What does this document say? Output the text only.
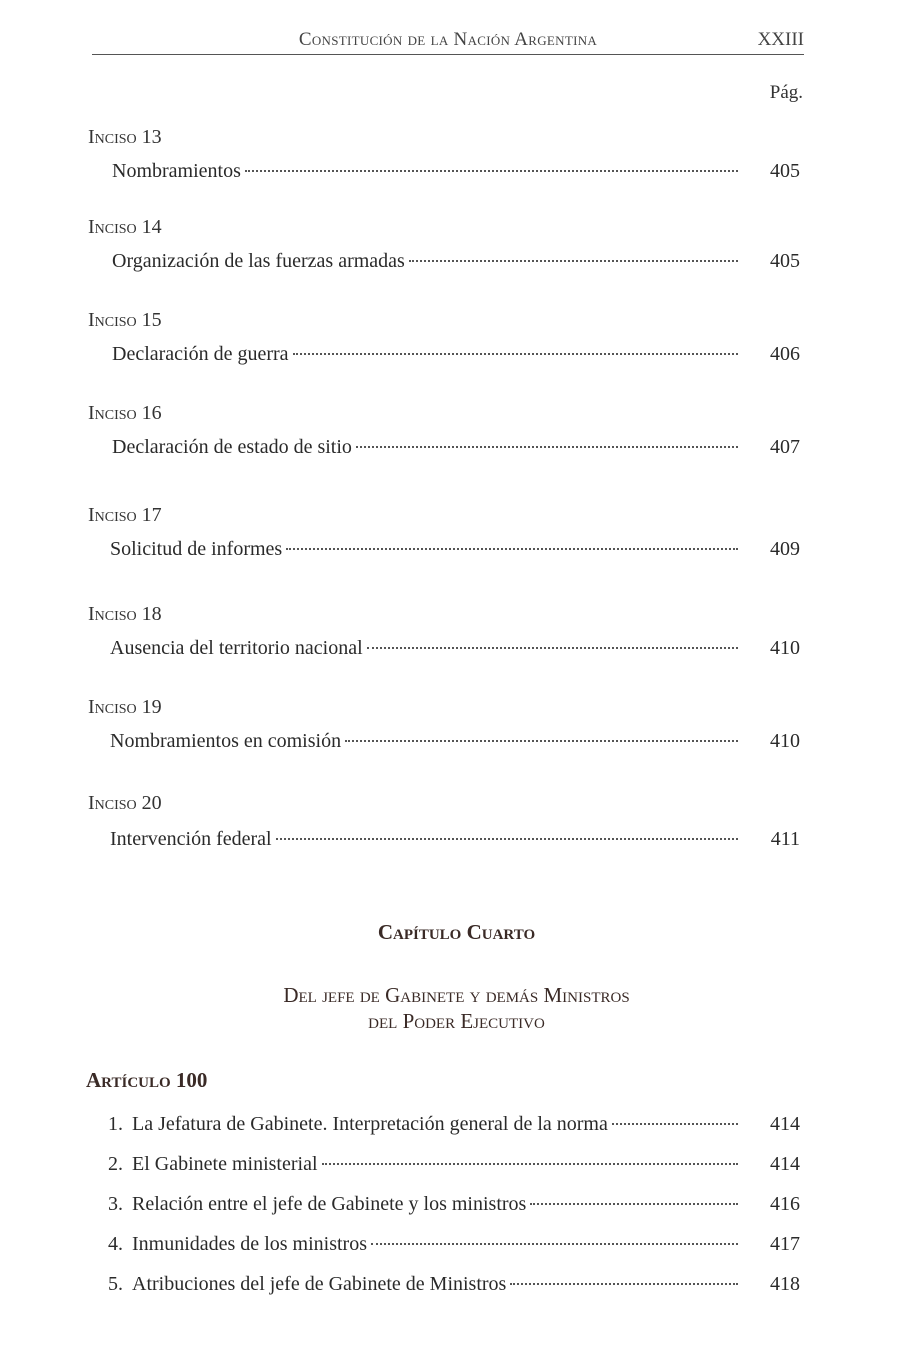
Constitución de la Nación Argentina	XXIII
Pág.
Inciso 13
Nombramientos	405
Inciso 14
Organización de las fuerzas armadas	405
Inciso 15
Declaración de guerra	406
Inciso 16
Declaración de estado de sitio	407
Inciso 17
Solicitud de informes	409
Inciso 18
Ausencia del territorio nacional	410
Inciso 19
Nombramientos en comisión	410
Inciso 20
Intervención federal	411
Capítulo Cuarto
Del jefe de Gabinete y demás Ministros
del Poder Ejecutivo
Artículo 100
1. La Jefatura de Gabinete. Interpretación general de la norma	414
2. El Gabinete ministerial	414
3. Relación entre el jefe de Gabinete y los ministros	416
4. Inmunidades de los ministros	417
5. Atribuciones del jefe de Gabinete de Ministros	418
